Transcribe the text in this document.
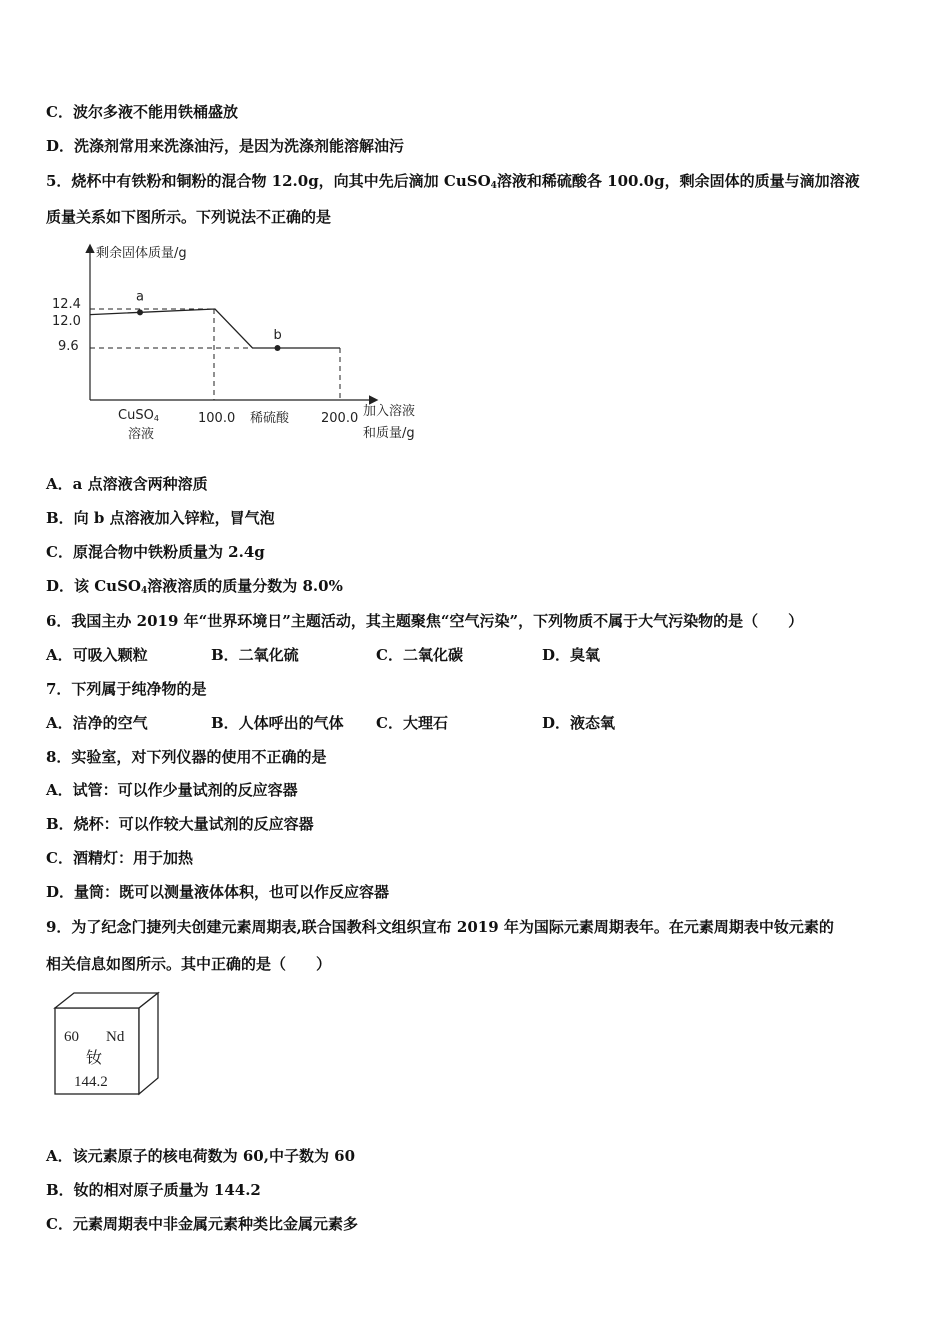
C．波尔多液不能用铁桶盛放
D．洗涤剂常用来洗涤油污，是因为洗涤剂能溶解油污
5．烧杯中有铁粉和铜粉的混合物 12.0g，向其中先后滴加 CuSO$_4$溶液和稀硫酸各 100.0g，剩余固体的质量与滴加溶液
质量关系如下图所示。下列说法不正确的是
剩余固体质量/g
加入溶液
和质量/g
12.4
12.0
9.6
100.0	200.0
CuSO4
溶液
稀硫酸
a
b
A．a 点溶液含两种溶质
B．向 b 点溶液加入锌粒，冒气泡
C．原混合物中铁粉质量为 2.4g
D．该 CuSO$_4$溶液溶质的质量分数为 8.0%
6．我国主办 2019 年“世界环境日”主题活动，其主题聚焦“空气污染”，下列物质不属于大气污染物的是（　　）
A．可吸入颗粒	B．二氧化硫	C．二氧化碳	D．臭氧
7．下列属于纯净物的是
A．洁净的空气	B．人体呼出的气体 C．大理石	D．液态氧
8．实验室，对下列仪器的使用不正确的是
A．试管：可以作少量试剂的反应容器
B．烧杯：可以作较大量试剂的反应容器
C．酒精灯：用于加热
D．量筒：既可以测量液体体积，也可以作反应容器
9．为了纪念门捷列夫创建元素周期表,联合国教科文组织宣布 2019 年为国际元素周期表年。在元素周期表中钕元素的
相关信息如图所示。其中正确的是（　　）
60 Nd
钕
144.2
A．该元素原子的核电荷数为 60,中子数为 60
B．钕的相对原子质量为 144.2
C．元素周期表中非金属元素种类比金属元素多
